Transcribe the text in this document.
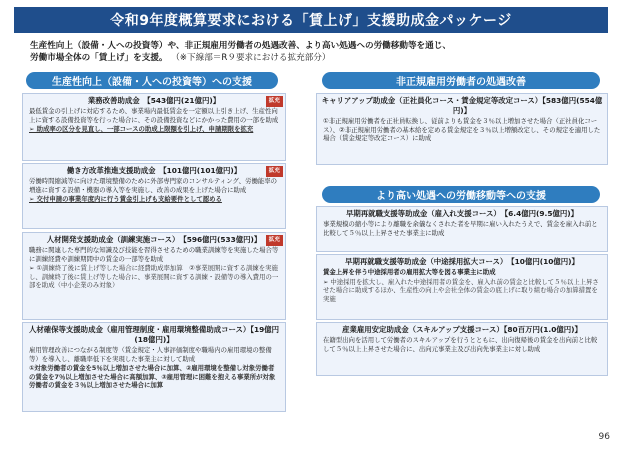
令和9年度概算要求における「賃上げ」支援助成金パッケージ
生産性向上（設備・人への投資等）や、非正規雇用労働者の処遇改善、より高い処遇への労働移動等を通じ、
労働市場全体の「賃上げ」を支援。 （※下線部＝R９要求における拡充部分）
生産性向上（設備・人への投資等）への支援	非正規雇用労働者の処遇改善
より高い処遇への労働移動等への支援
拡充
業務改善助成金　【543億円(21億円)】
最低賃金の引上げに対応するため、事業場内最低賃金を一定額以上引き上げ、生産性向上に資する設備投資等を行った場合に、その設備投資などにかかった費用の一部を助成
➢ 助成率の区分を見直し、一部コースの助成上限額を引上げ、申請期限を拡充
拡充
働き方改革推進支援助成金　【101億円(101億円)】
労働時間縮減等に向けた環境整備のために外部専門家のコンサルティング、労働能率の増進に資する設備・機器の導入等を実施し、改善の成果を上げた場合に助成
➢ 交付申請の事業年度内に行う賃金引上げも支給要件として認める
拡充
人材開発支援助成金（訓練実施コース）　【596億円(533億円)】
職務に関連した専門的な知識及び技能を習得させるための職業訓練等を実施した場合等に訓練経費や訓練期間中の賃金の一部等を助成
➢ ①訓練終了後に賃上げ等した場合に経費助成率加算　②事業展開に資する訓練を実施し、訓練終了後に賃上げ等した場合に、事業展開に資する訓練・設備等の導入費用の一部を助成（中小企業のみ対象）
人材確保等支援助成金（雇用管理制度・雇用環境整備助成コース）【19億円 (18億円)】
雇用管理改善につながる制度等（賃金規定・人事評価制度や職場内の雇用環境の整備等）を導入し、離職率低下を実現した事業主に対して助成
①対象労働者の賃金を5％以上増加させた場合に加算、②雇用環境を整備し対象労働者の賃金を7％以上増加させた場合に高額加算、③雇用管理に困難を抱える事業所が対象労働者の賃金を３％以上増加させた場合に加算
キャリアアップ助成金（正社員化コース・賃金規定等改定コース）【583億円(554億円)】
①非正規雇用労働者を正社員転換し、従前よりも賃金を３％以上増加させた場合（正社員化コース）、②非正規雇用労働者の基本給を定める賃金規定を３％以上増額改定し、その規定を適用した場合（賃金規定等改定コース）に助成
早期再就職支援等助成金（雇入れ支援コース）　【6.4億円(9.5億円)】
事業規模の縮小等により離職を余儀なくされた者を早期に雇い入れたうえで、賃金を雇入れ前と比較して５％以上上昇させた事業主に助成
早期再就職支援等助成金（中途採用拡大コース）　【10億円(10億円)】
賃金上昇を伴う中途採用者の雇用拡大等を図る事業主に助成
➢ 中途採用を拡大し、雇入れた中途採用者の賃金を、雇入れ前の賃金と比較して５％以上上昇させた場合に助成するほか、生産性の向上や会社全体の賃金の底上げに取り組む場合の加算措置を実施
産業雇用安定助成金（スキルアップ支援コース）【80百万円(1.0億円)】
在籍型出向を活用して労働者のスキルアップを行うとともに、出向復帰後の賃金を出向前と比較して５％以上上昇させた場合に、出向元事業主及び出向先事業主に対し助成
96
